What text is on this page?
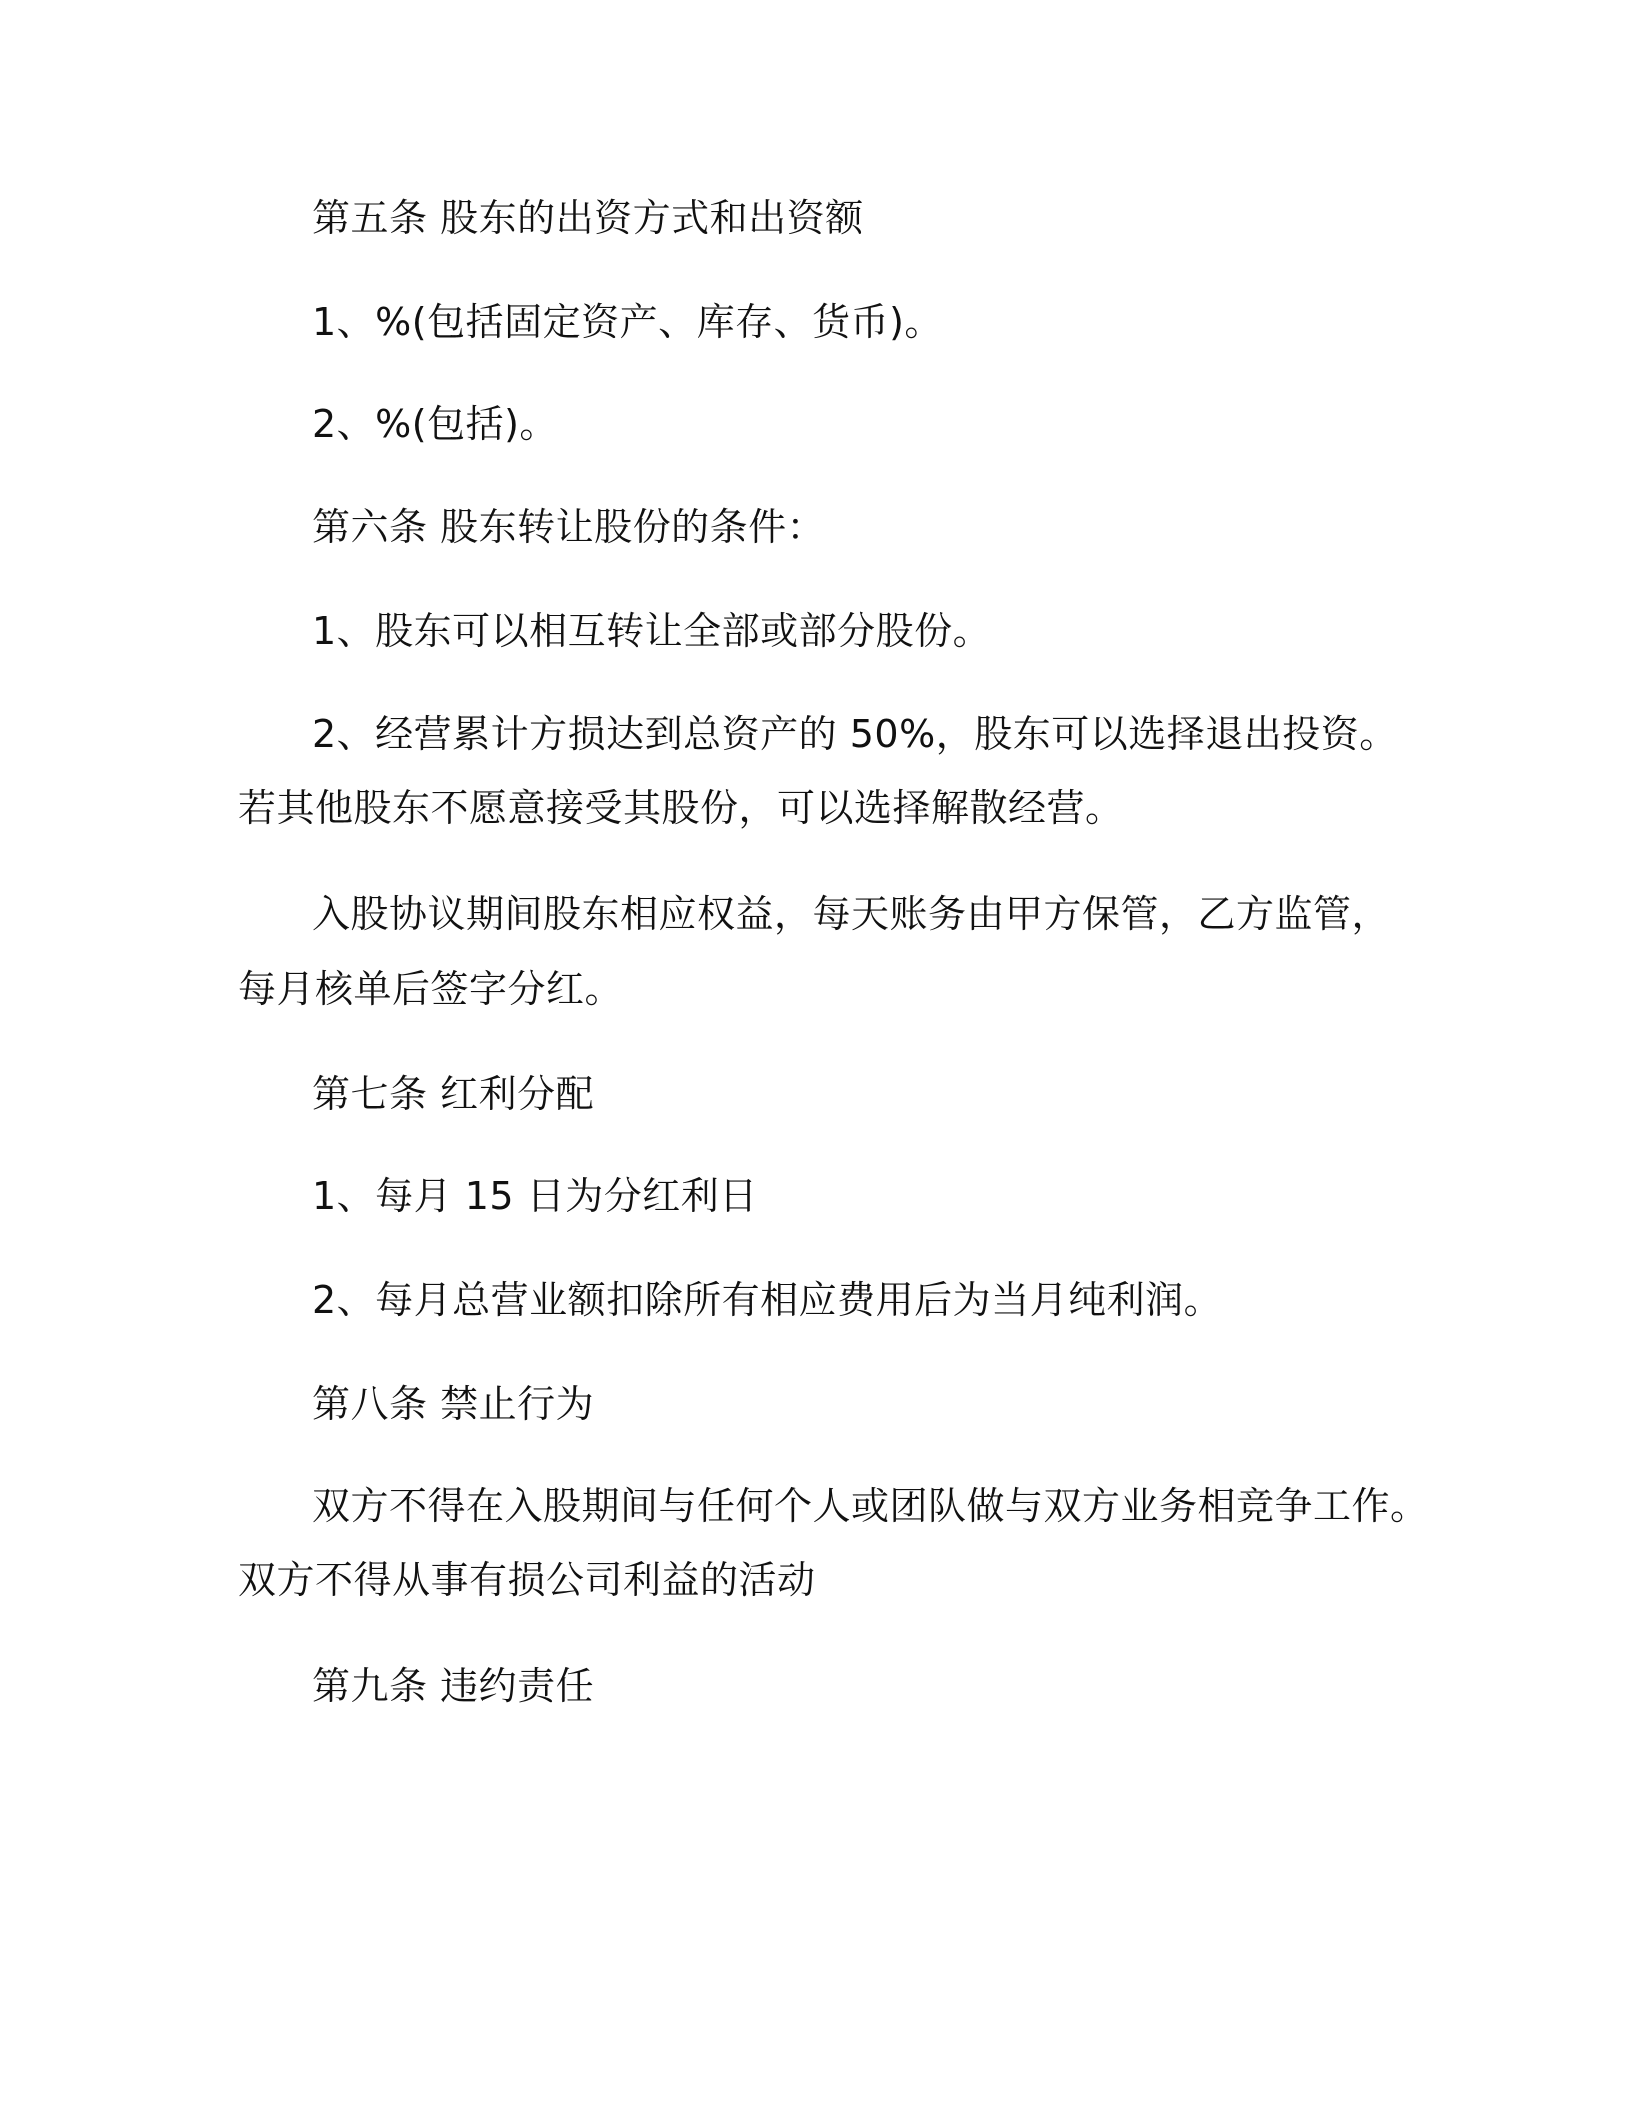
第五条 股东的出资方式和出资额

1、%(包括固定资产、库存、货币)。

2、%(包括)。

第六条 股东转让股份的条件：

1、股东可以相互转让全部或部分股份。

2、经营累计方损达到总资产的 50%，股东可以选择退出投资。

若其他股东不愿意接受其股份，可以选择解散经营。

入股协议期间股东相应权益，每天账务由甲方保管，乙方监管，

每月核单后签字分红。

第七条 红利分配

1、每月 15 日为分红利日

2、每月总营业额扣除所有相应费用后为当月纯利润。

第八条 禁止行为

双方不得在入股期间与任何个人或团队做与双方业务相竞争工作。

双方不得从事有损公司利益的活动

第九条 违约责任
